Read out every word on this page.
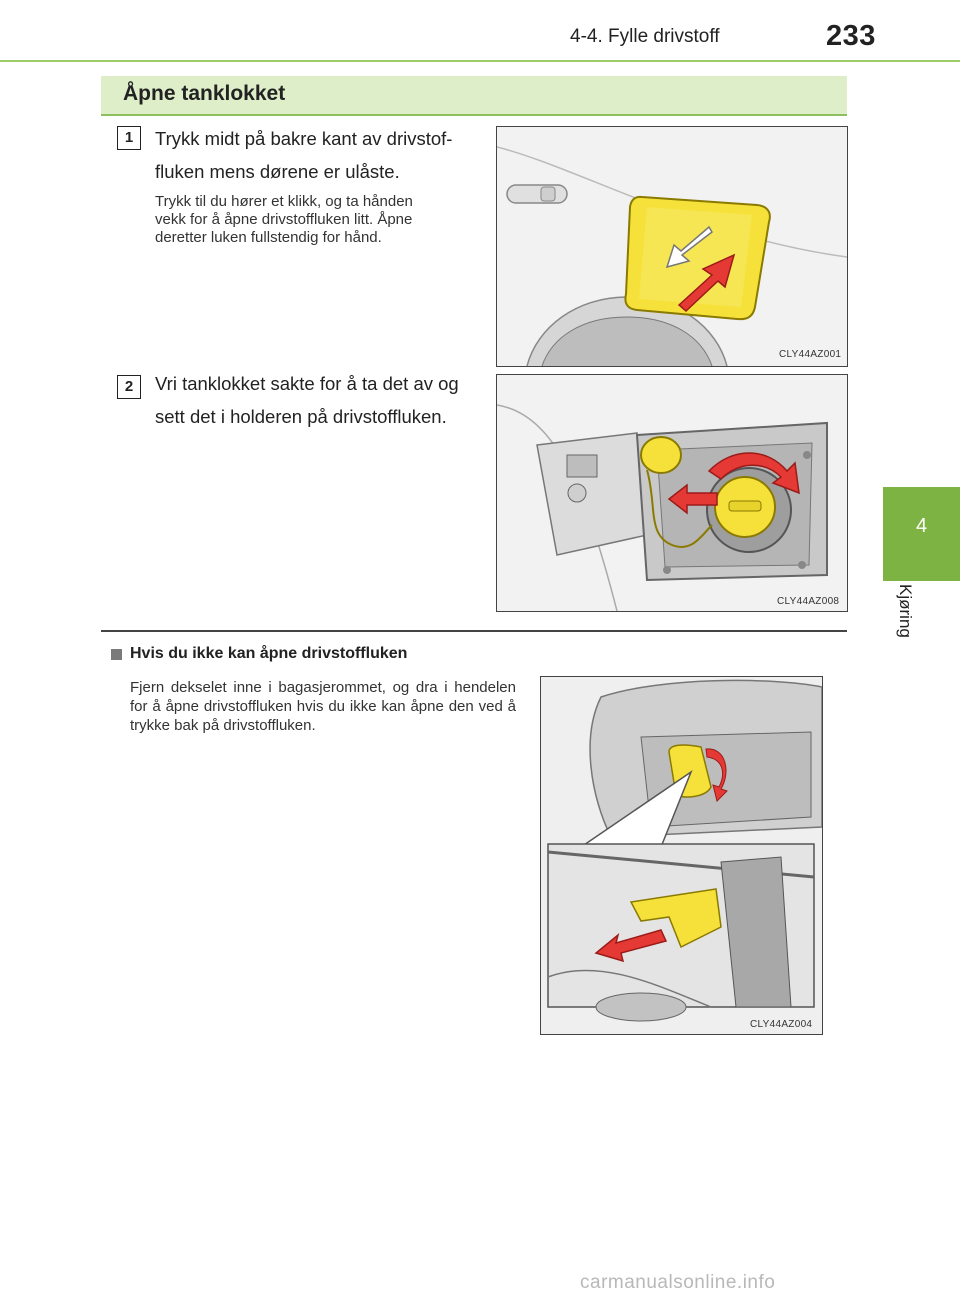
4-4. Fylle drivstoff	233
4
Kjøring
Åpne tanklokket
1	Trykk midt på bakre kant av drivstof-
fluken mens dørene er ulåste.
Trykk til du hører et klikk, og ta hånden
vekk for å åpne drivstoffluken litt. Åpne
deretter luken fullstendig for hånd.
CLY44AZ001
2	Vri tanklokket sakte for å ta det av og
sett det i holderen på drivstoffluken.
CLY44AZ008
Hvis du ikke kan åpne drivstoffluken
Fjern dekselet inne i bagasjerommet, og dra i hendelen for å åpne drivstoffluken hvis du ikke kan åpne den ved å trykke bak på drivstoffluken.
CLY44AZ004
carmanualsonline.info
